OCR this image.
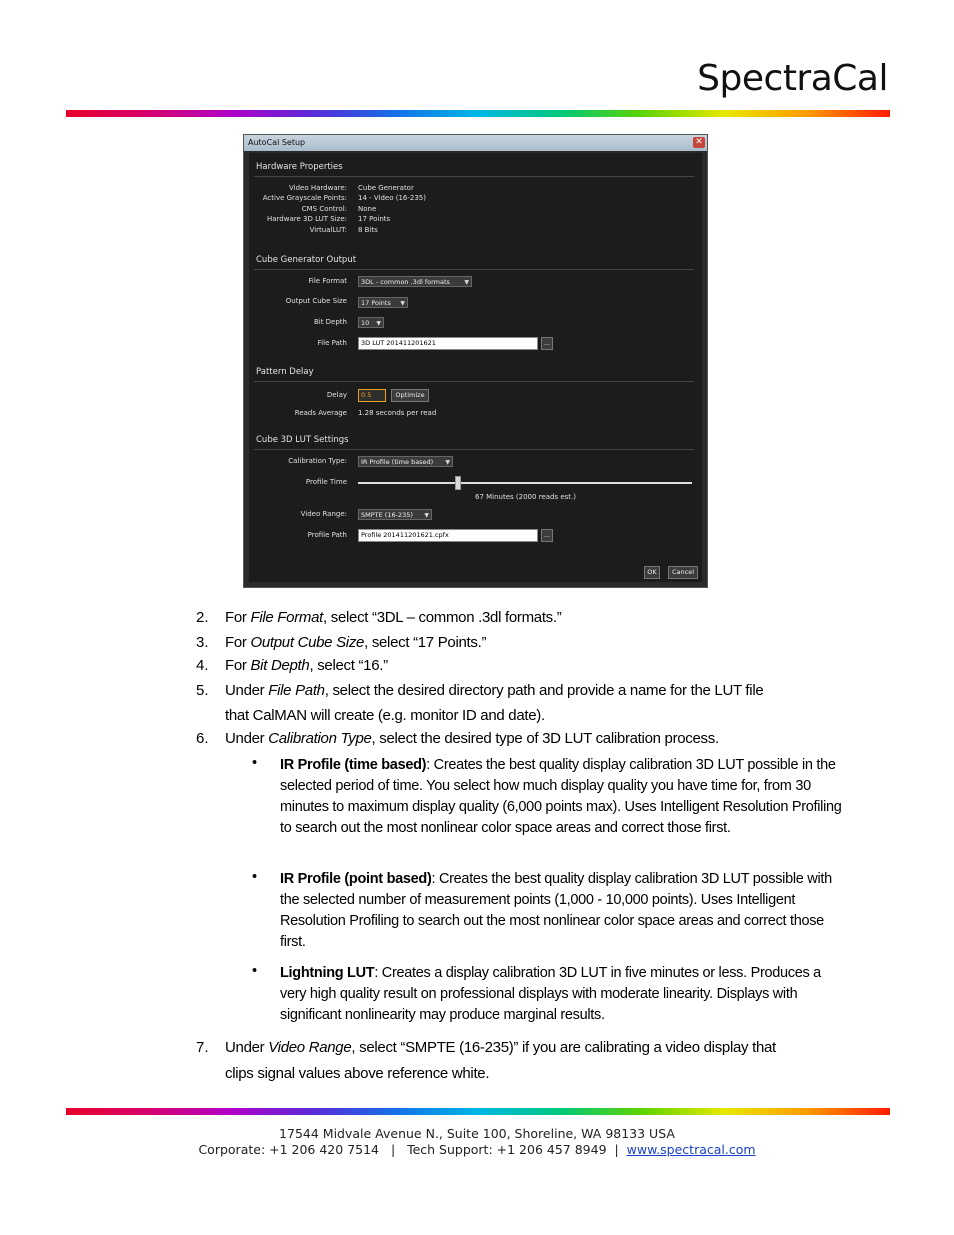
SpectraCal
AutoCal Setup	✕
Hardware Properties
Video Hardware: Cube Generator
Active Grayscale Points: 14 - Video (16-235)
CMS Control: None
Hardware 3D LUT Size: 17 Points
VirtualLUT: 8 Bits
Cube Generator Output
File Format	3DL - common .3dl formats ▼
Output Cube Size	17 Points ▼
Bit Depth	10 ▼
File Path	3D LUT 201411201621	...
Pattern Delay
Delay	0.5	Optimize
Reads Average 1.28 seconds per read
Cube 3D LUT Settings
Calibration Type:	IR Profile (time based) ▼
Profile Time
67 Minutes (2000 reads est.)
Video Range:	SMPTE (16-235) ▼
Profile Path	Profile 201411201621.cpfx	...
OK	Cancel
2. For File Format, select “3DL – common .3dl formats.”
3. For Output Cube Size, select “17 Points.”
4. For Bit Depth, select “16.”
5. Under File Path, select the desired directory path and provide a name for the LUT file
that CalMAN will create (e.g. monitor ID and date).
6. Under Calibration Type, select the desired type of 3D LUT calibration process.
• IR Profile (time based): Creates the best quality display calibration 3D LUT possible in the selected period of time. You select how much display quality you have time for, from 30 minutes to maximum display quality (6,000 points max). Uses Intelligent Resolution Profiling to search out the most nonlinear color space areas and correct those first.
• IR Profile (point based): Creates the best quality display calibration 3D LUT possible with the selected number of measurement points (1,000 - 10,000 points). Uses Intelligent Resolution Profiling to search out the most nonlinear color space areas and correct those first.
• Lightning LUT: Creates a display calibration 3D LUT in five minutes or less. Produces a very high quality result on professional displays with moderate linearity. Displays with significant nonlinearity may produce marginal results.
7. Under Video Range, select “SMPTE (16-235)” if you are calibrating a video display that
clips signal values above reference white.
17544 Midvale Avenue N., Suite 100, Shoreline, WA 98133 USA
Corporate: +1 206 420 7514 | Tech Support: +1 206 457 8949 | www.spectracal.com
